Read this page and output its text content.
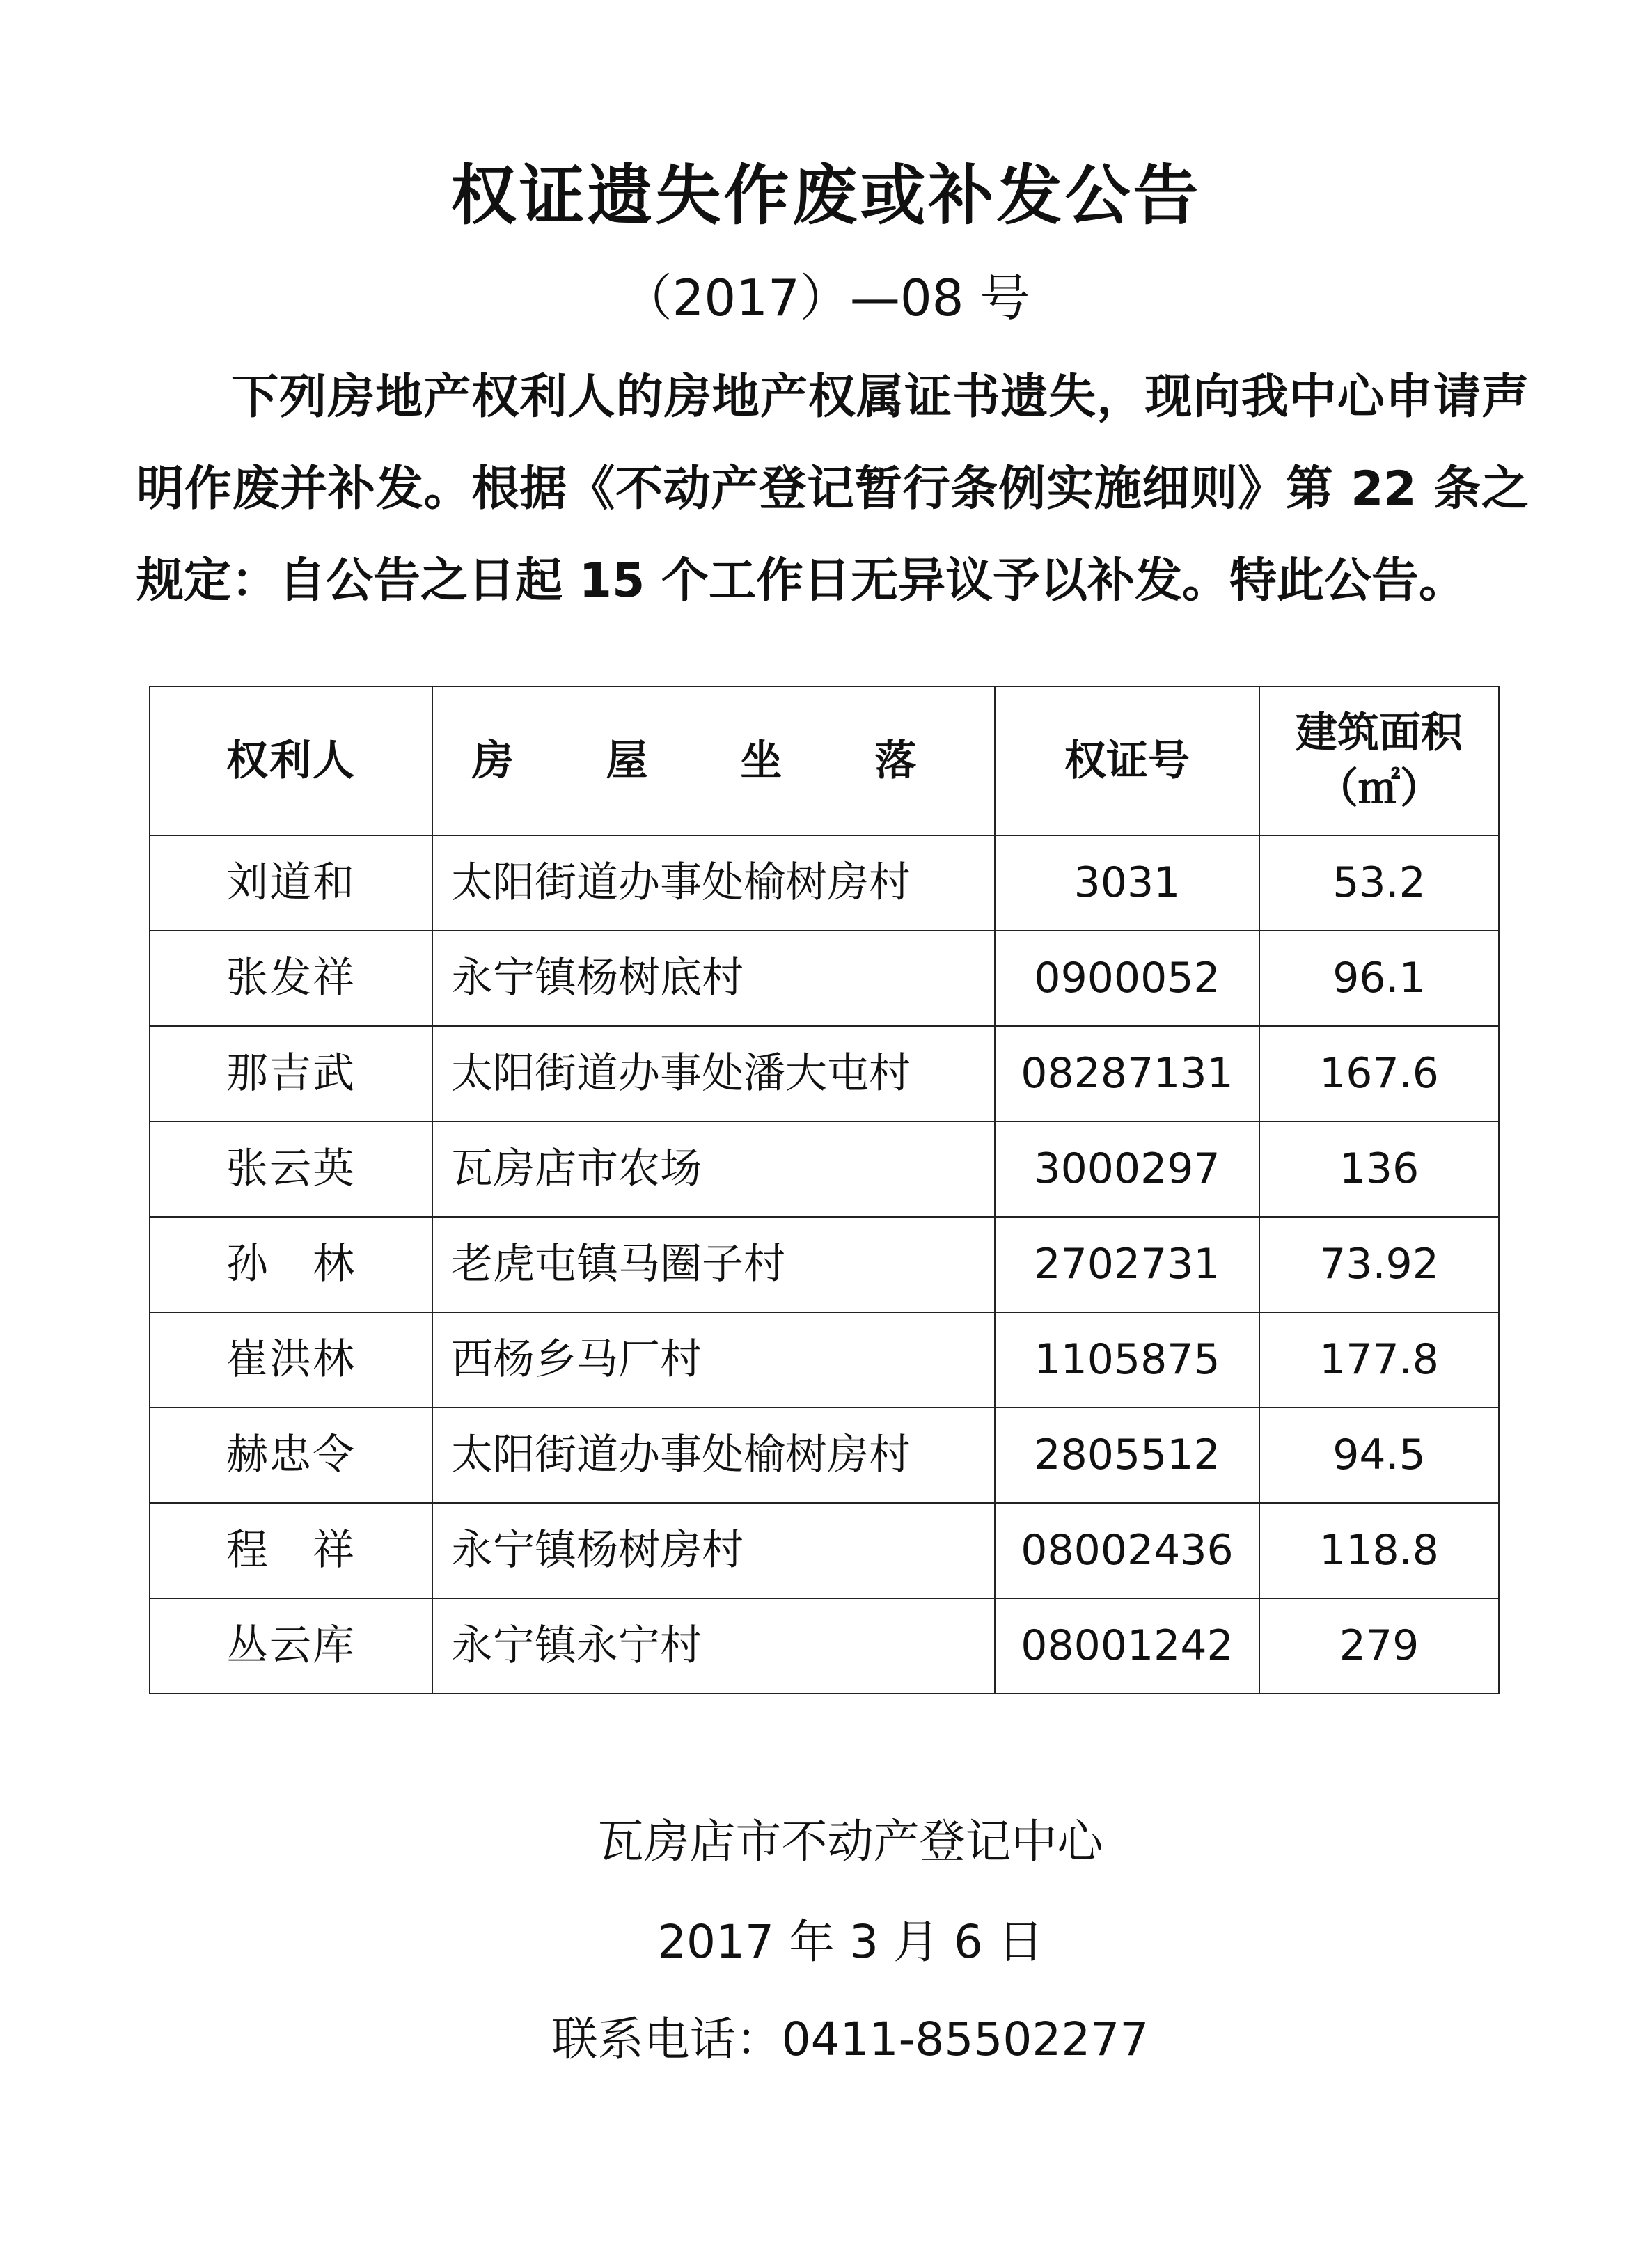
权证遗失作废或补发公告
（2017）—08 号

下列房地产权利人的房地产权属证书遗失，现向我中心申请声明作废并补发。根据《不动产登记暂行条例实施细则》第 22 条之规定：自公告之日起 15 个工作日无异议予以补发。特此公告。

权利人	房 屋 坐 落	权证号	建筑面积
（㎡）

刘道和	太阳街道办事处榆树房村	3031	53.2
张发祥	永宁镇杨树底村	0900052	96.1
那吉武	太阳街道办事处潘大屯村	08287131	167.6
张云英	瓦房店市农场	3000297	136
孙　林	老虎屯镇马圈子村	2702731	73.92
崔洪林	西杨乡马厂村	1105875	177.8
赫忠令	太阳街道办事处榆树房村	2805512	94.5
程　祥	永宁镇杨树房村	08002436	118.8
丛云库	永宁镇永宁村	08001242	279
瓦房店市不动产登记中心
2017 年 3 月 6 日
联系电话：0411-85502277
